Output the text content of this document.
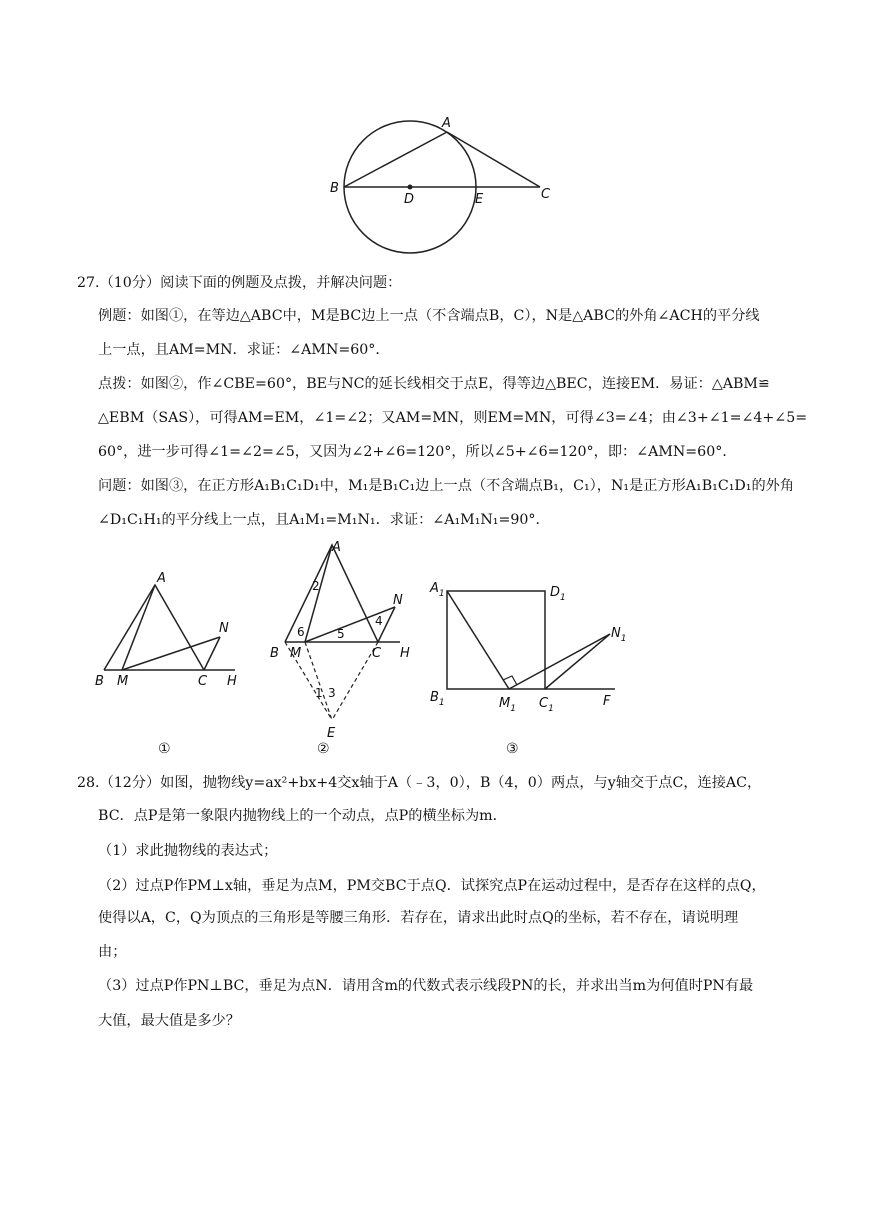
A
B
D	E	C
27.（10分）阅读下面的例题及点拨，并解决问题：
例题：如图①，在等边△ABC中，M是BC边上一点（不含端点B，C），N是△ABC的外角∠ACH的平分线
上一点，且AM=MN．求证：∠AMN=60°．
点拨：如图②，作∠CBE=60°，BE与NC的延长线相交于点E，得等边△BEC，连接EM．易证：△ABM≌
△EBM（SAS），可得AM=EM，∠1=∠2；又AM=MN，则EM=MN，可得∠3=∠4；由∠3+∠1=∠4+∠5=
60°，进一步可得∠1=∠2=∠5，又因为∠2+∠6=120°，所以∠5+∠6=120°，即：∠AMN=60°．
问题：如图③，在正方形A₁B₁C₁D₁中，M₁是B₁C₁边上一点（不含端点B₁，C₁），N₁是正方形A₁B₁C₁D₁的外角
∠D₁C₁H₁的平分线上一点，且A₁M₁=M₁N₁．求证：∠A₁M₁N₁=90°．
A
B M	C H
N
①
A
B M	C H
N
E
1
2
3
4
5
6
②
$A_1$	$D_1$
$B_1$	$M_1$ $C_1$
$N_1$
F
③
28.（12分）如图，抛物线y=ax²+bx+4交x轴于A（﹣3，0），B（4，0）两点，与y轴交于点C，连接AC，
BC．点P是第一象限内抛物线上的一个动点，点P的横坐标为m．
（1）求此抛物线的表达式；
（2）过点P作PM⊥x轴，垂足为点M，PM交BC于点Q．试探究点P在运动过程中，是否存在这样的点Q，
使得以A，C，Q为顶点的三角形是等腰三角形．若存在，请求出此时点Q的坐标，若不存在，请说明理
由；
（3）过点P作PN⊥BC，垂足为点N．请用含m的代数式表示线段PN的长，并求出当m为何值时PN有最
大值，最大值是多少？
